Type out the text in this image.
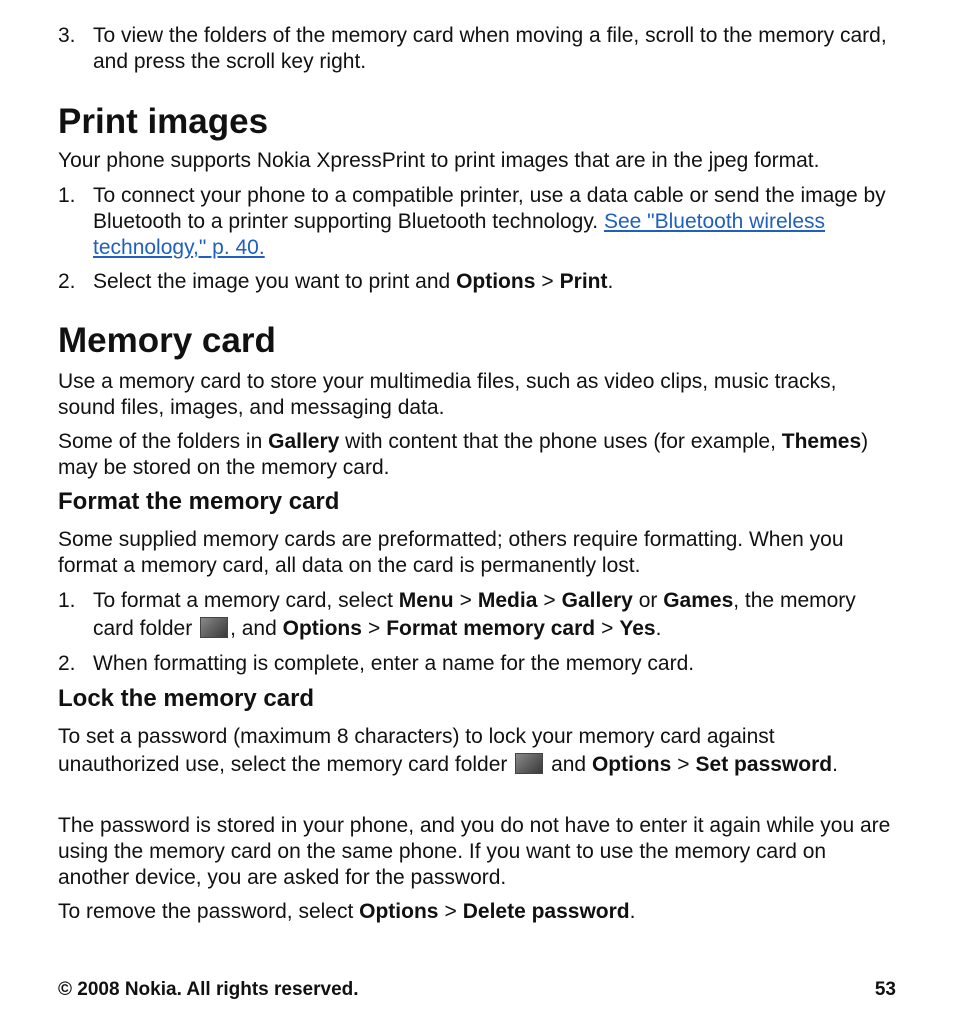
3. To view the folders of the memory card when moving a file, scroll to the memory card, and press the scroll key right.
Print images
Your phone supports Nokia XpressPrint to print images that are in the jpeg format.
1. To connect your phone to a compatible printer, use a data cable or send the image by Bluetooth to a printer supporting Bluetooth technology. See "Bluetooth wireless technology," p. 40.
2. Select the image you want to print and Options > Print.
Memory card
Use a memory card to store your multimedia files, such as video clips, music tracks, sound files, images, and messaging data.
Some of the folders in Gallery with content that the phone uses (for example, Themes) may be stored on the memory card.
Format the memory card
Some supplied memory cards are preformatted; others require formatting. When you format a memory card, all data on the card is permanently lost.
1. To format a memory card, select Menu > Media > Gallery or Games, the memory card folder , and Options > Format memory card > Yes.
2. When formatting is complete, enter a name for the memory card.
Lock the memory card
To set a password (maximum 8 characters) to lock your memory card against unauthorized use, select the memory card folder  and Options > Set password.
The password is stored in your phone, and you do not have to enter it again while you are using the memory card on the same phone. If you want to use the memory card on another device, you are asked for the password.
To remove the password, select Options > Delete password.
© 2008 Nokia. All rights reserved.	53
